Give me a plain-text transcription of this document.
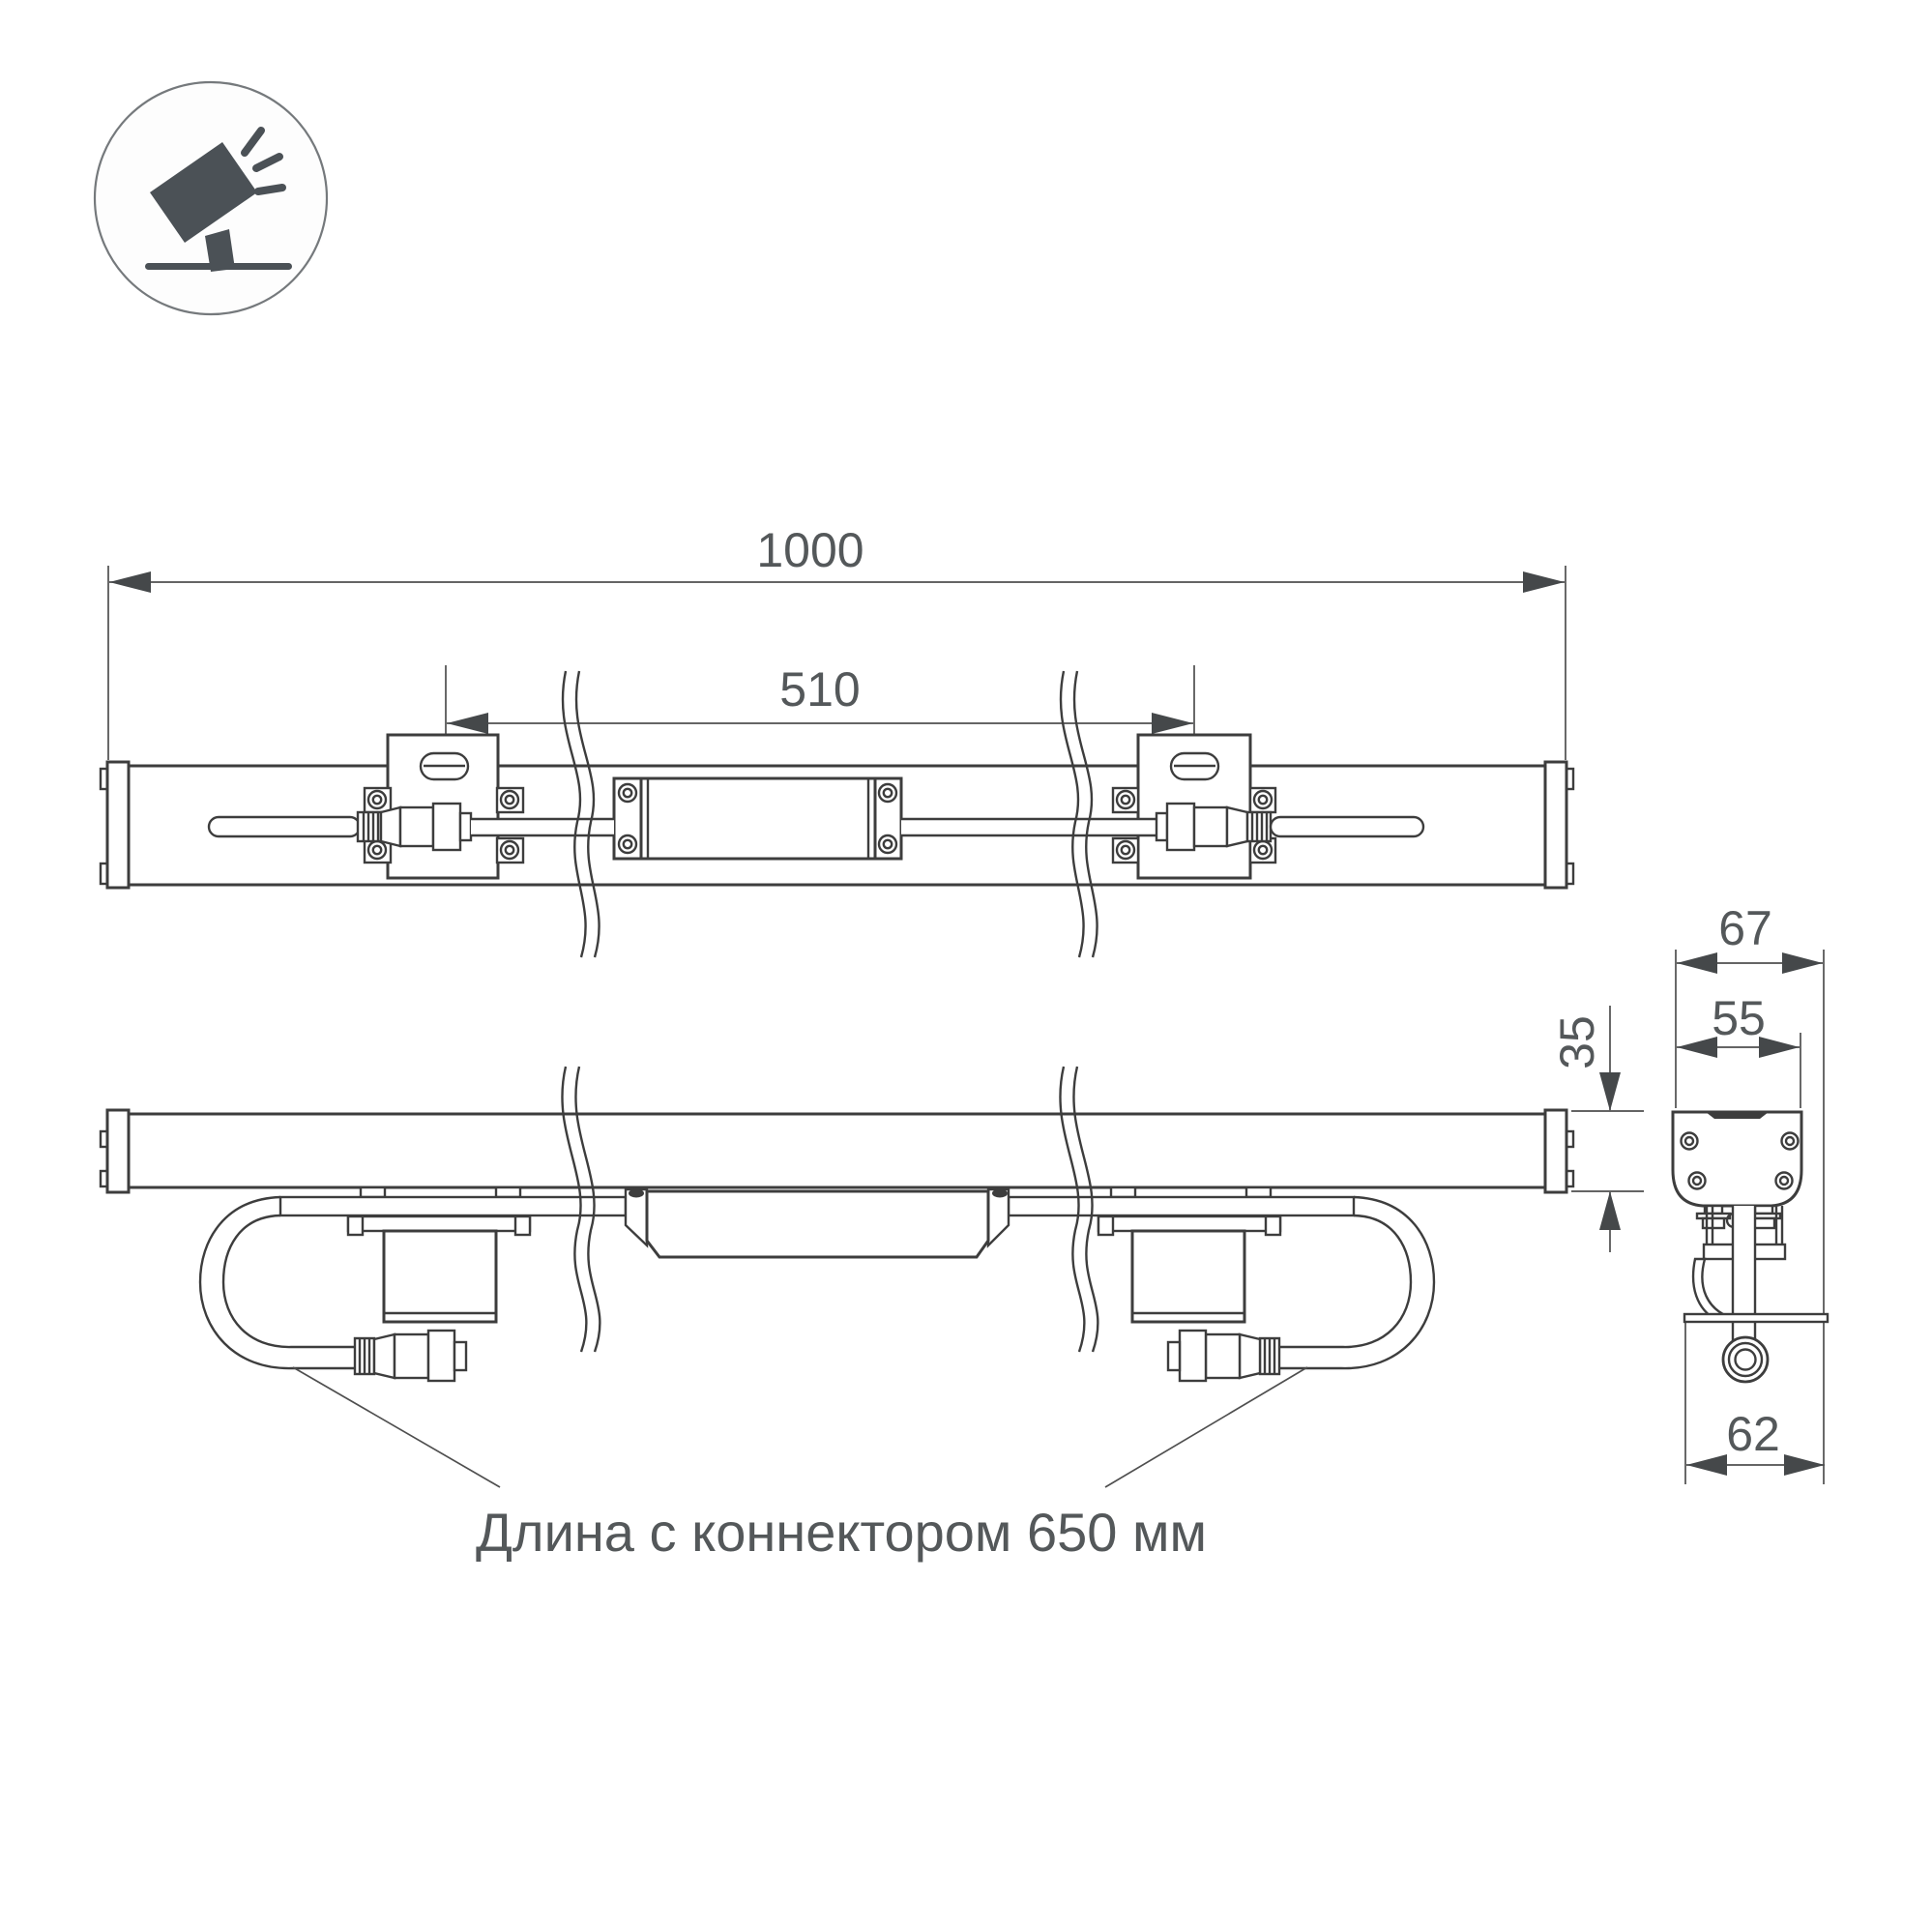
1000
510
35
67
55
62
Длина с коннектором 650 мм
